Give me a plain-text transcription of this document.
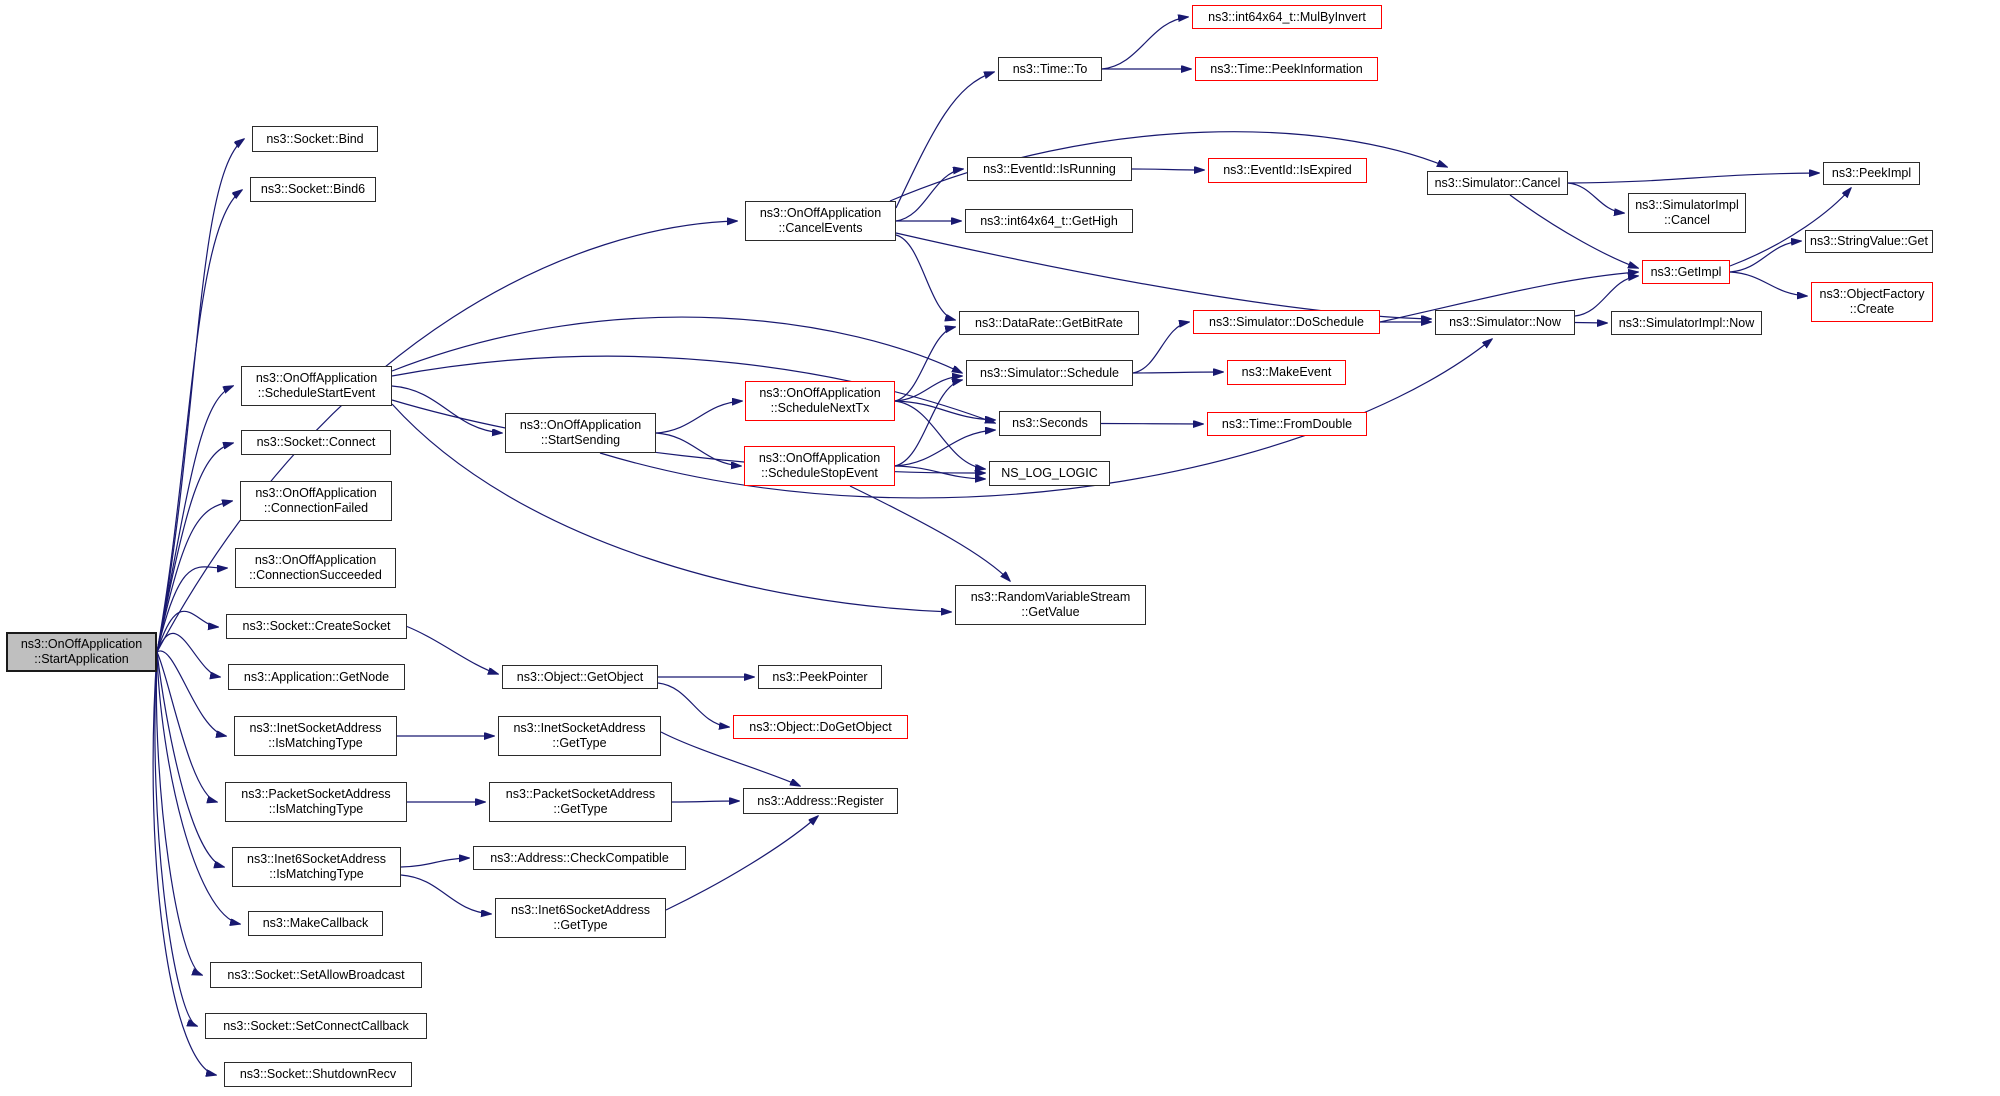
ns3::OnOffApplication
::StartApplication
ns3::Socket::Bind
ns3::Socket::Bind6
ns3::OnOffApplication
::ScheduleStartEvent
ns3::Socket::Connect
ns3::OnOffApplication
::ConnectionFailed
ns3::OnOffApplication
::ConnectionSucceeded
ns3::Socket::CreateSocket
ns3::Application::GetNode
ns3::InetSocketAddress
::IsMatchingType
ns3::PacketSocketAddress
::IsMatchingType
ns3::Inet6SocketAddress
::IsMatchingType
ns3::MakeCallback
ns3::Socket::SetAllowBroadcast
ns3::Socket::SetConnectCallback
ns3::Socket::ShutdownRecv
ns3::OnOffApplication
::StartSending
ns3::Object::GetObject
ns3::InetSocketAddress
::GetType
ns3::PacketSocketAddress
::GetType
ns3::Address::CheckCompatible
ns3::Inet6SocketAddress
::GetType
ns3::OnOffApplication
::CancelEvents
ns3::OnOffApplication
::ScheduleNextTx
ns3::OnOffApplication
::ScheduleStopEvent
ns3::PeekPointer
ns3::Object::DoGetObject
ns3::Address::Register
ns3::Time::To
ns3::EventId::IsRunning
ns3::int64x64_t::GetHigh
ns3::DataRate::GetBitRate
ns3::Simulator::Schedule
ns3::Seconds
NS_LOG_LOGIC
ns3::RandomVariableStream
::GetValue
ns3::int64x64_t::MulByInvert
ns3::Time::PeekInformation
ns3::EventId::IsExpired
ns3::Simulator::DoSchedule
ns3::MakeEvent
ns3::Time::FromDouble
ns3::Simulator::Cancel
ns3::SimulatorImpl
::Cancel
ns3::GetImpl
ns3::Simulator::Now	ns3::SimulatorImpl::Now
ns3::PeekImpl
ns3::StringValue::Get
ns3::ObjectFactory
::Create
